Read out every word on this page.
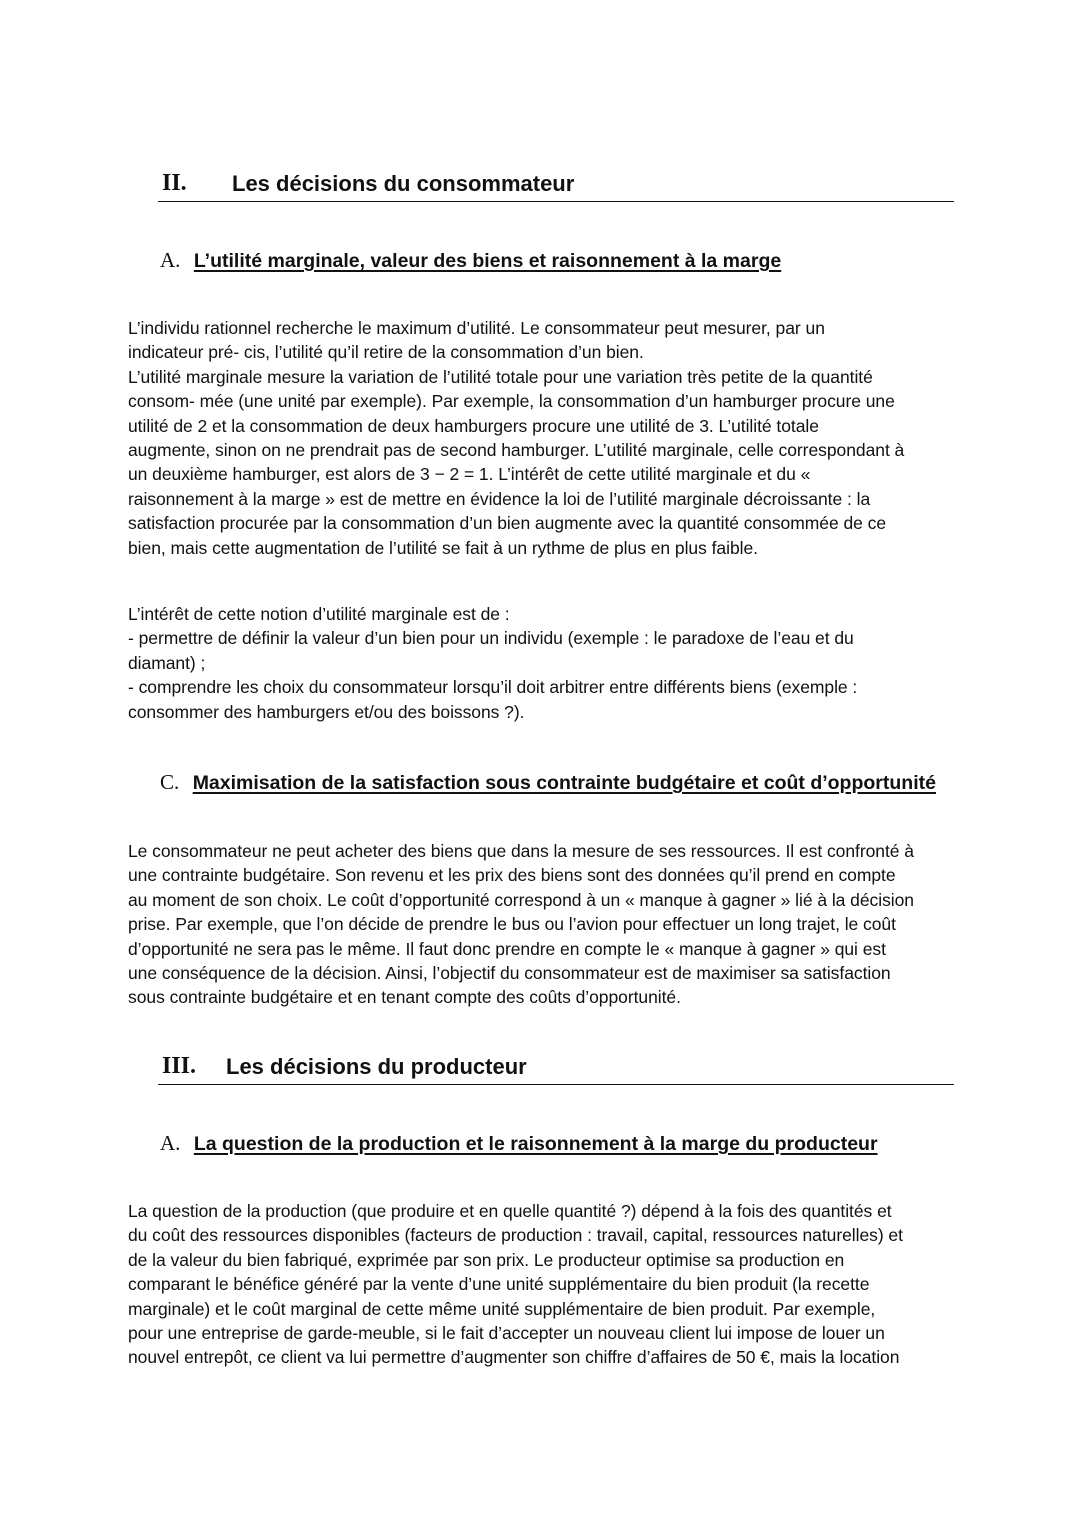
II. Les décisions du consommateur
A. L’utilité marginale, valeur des biens et raisonnement à la marge
L’individu rationnel recherche le maximum d’utilité. Le consommateur peut mesurer, par un
indicateur pré- cis, l’utilité qu’il retire de la consommation d’un bien.
L’utilité marginale mesure la variation de l’utilité totale pour une variation très petite de la quantité
consom- mée (une unité par exemple). Par exemple, la consommation d’un hamburger procure une
utilité de 2 et la consommation de deux hamburgers procure une utilité de 3. L’utilité totale
augmente, sinon on ne prendrait pas de second hamburger. L’utilité marginale, celle correspondant à
un deuxième hamburger, est alors de 3 − 2 = 1. L’intérêt de cette utilité marginale et du «
raisonnement à la marge » est de mettre en évidence la loi de l’utilité marginale décroissante : la
satisfaction procurée par la consommation d’un bien augmente avec la quantité consommée de ce
bien, mais cette augmentation de l’utilité se fait à un rythme de plus en plus faible.
L’intérêt de cette notion d’utilité marginale est de :
- permettre de définir la valeur d’un bien pour un individu (exemple : le paradoxe de l’eau et du
diamant) ;
- comprendre les choix du consommateur lorsqu’il doit arbitrer entre différents biens (exemple :
consommer des hamburgers et/ou des boissons ?).
C. Maximisation de la satisfaction sous contrainte budgétaire et coût d’opportunité
Le consommateur ne peut acheter des biens que dans la mesure de ses ressources. Il est confronté à
une contrainte budgétaire. Son revenu et les prix des biens sont des données qu’il prend en compte
au moment de son choix. Le coût d’opportunité correspond à un « manque à gagner » lié à la décision
prise. Par exemple, que l’on décide de prendre le bus ou l’avion pour effectuer un long trajet, le coût
d’opportunité ne sera pas le même. Il faut donc prendre en compte le « manque à gagner » qui est
une conséquence de la décision. Ainsi, l’objectif du consommateur est de maximiser sa satisfaction
sous contrainte budgétaire et en tenant compte des coûts d’opportunité.
III. Les décisions du producteur
A. La question de la production et le raisonnement à la marge du producteur
La question de la production (que produire et en quelle quantité ?) dépend à la fois des quantités et
du coût des ressources disponibles (facteurs de production : travail, capital, ressources naturelles) et
de la valeur du bien fabriqué, exprimée par son prix. Le producteur optimise sa production en
comparant le bénéfice généré par la vente d’une unité supplémentaire du bien produit (la recette
marginale) et le coût marginal de cette même unité supplémentaire de bien produit. Par exemple,
pour une entreprise de garde-meuble, si le fait d’accepter un nouveau client lui impose de louer un
nouvel entrepôt, ce client va lui permettre d’augmenter son chiffre d’affaires de 50 €, mais la location
